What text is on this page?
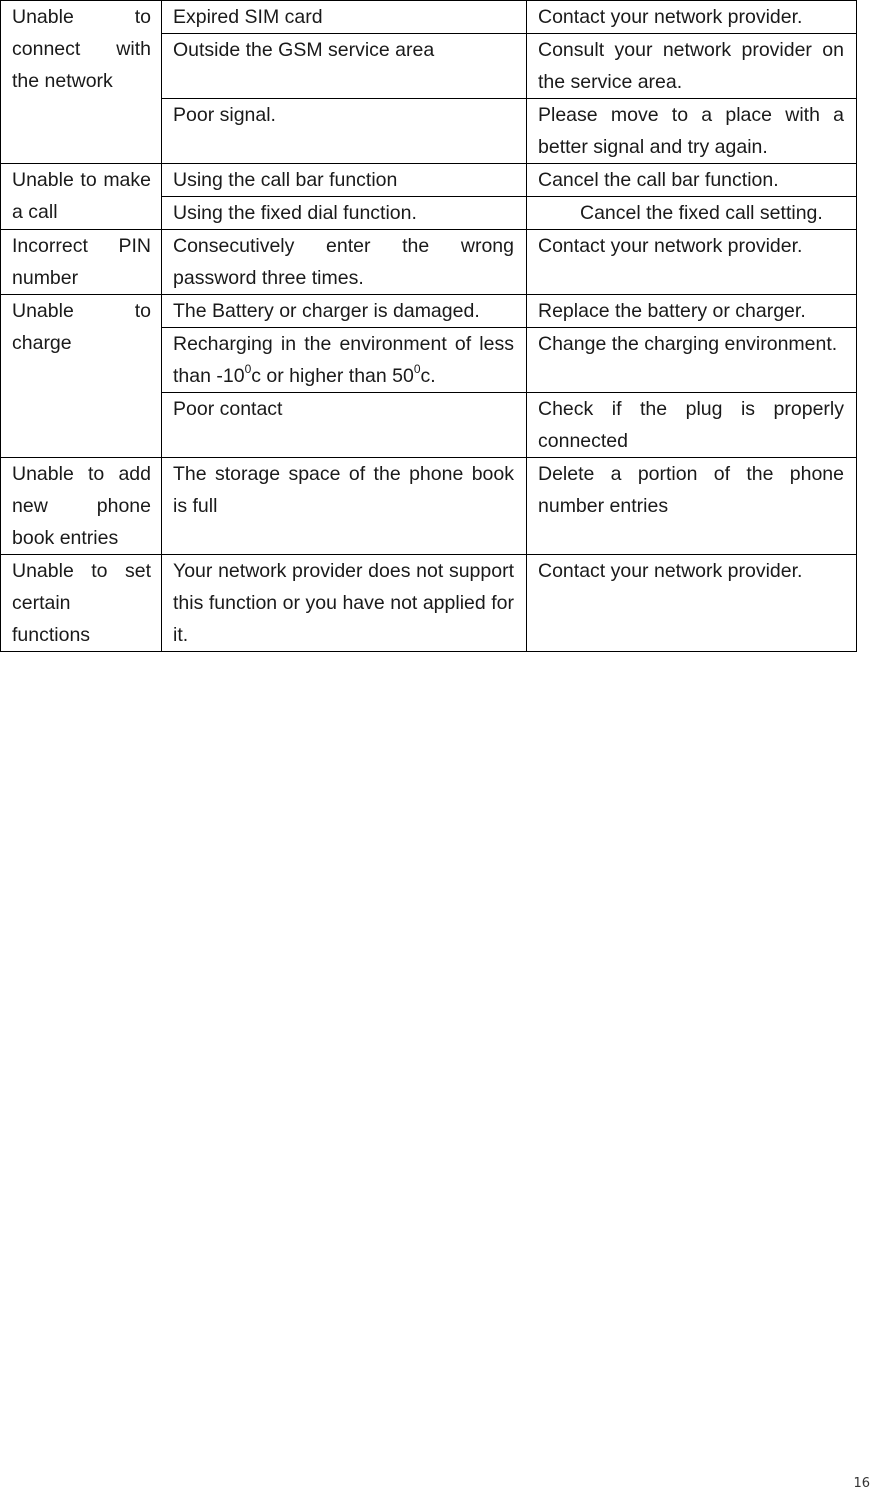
Unable to connect with the network	Expired SIM card	Contact your network provider.
	Outside the GSM service area	Consult your network provider on the service area.
	Poor signal.	Please move to a place with a better signal and try again.
Unable to make a call	Using the call bar function	Cancel the call bar function.
	Using the fixed dial function.	Cancel the fixed call setting.
Incorrect PIN number	Consecutively enter the wrong password three times.	Contact your network provider.
Unable to charge	The Battery or charger is damaged.	Replace the battery or charger.
	Recharging in the environment of less than $-10^0c$ or higher than $50^0c$.	Change the charging environment.
	Poor contact	Check if the plug is properly connected
Unable to add new phone book entries	The storage space of the phone book is full	Delete a portion of the phone number entries
Unable to set certain functions	Your network provider does not support this function or you have not applied for it.	Contact your network provider.
16
